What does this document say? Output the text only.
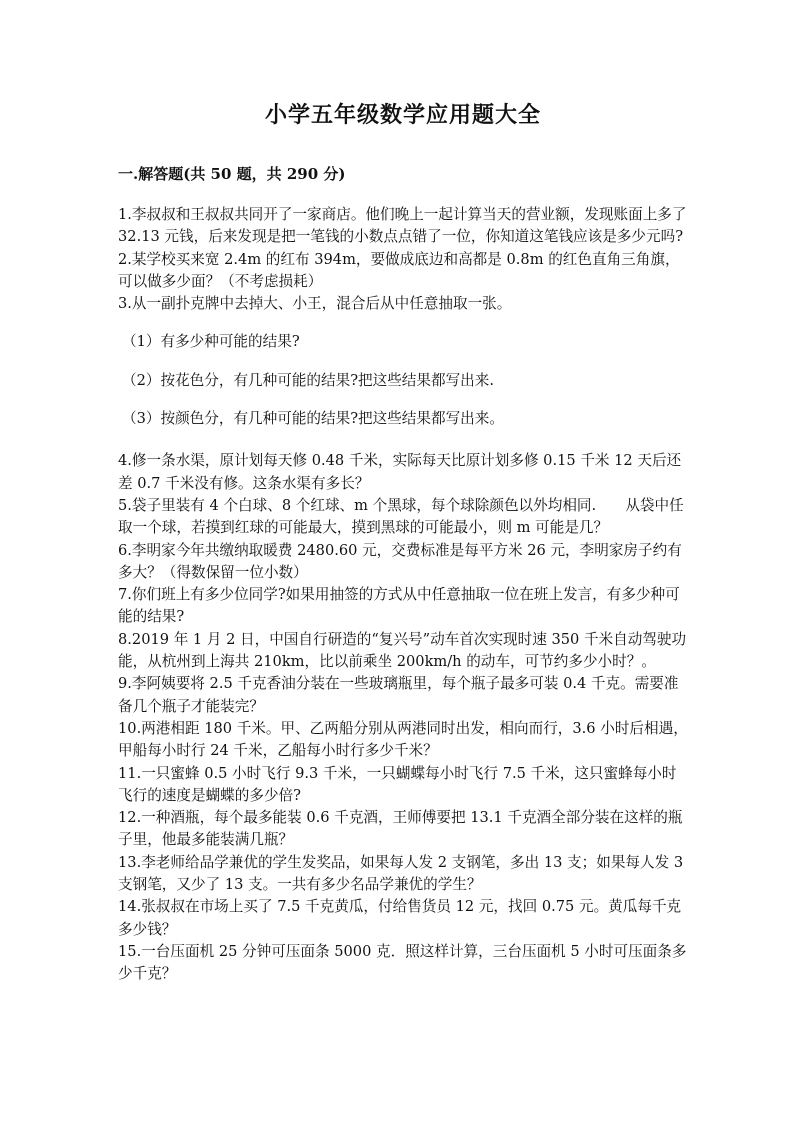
小学五年级数学应用题大全
一.解答题(共 50 题，共 290 分)

1.李叔叔和王叔叔共同开了一家商店。他们晚上一起计算当天的营业额，发现账面上多了 32.13 元钱，后来发现是把一笔钱的小数点点错了一位，你知道这笔钱应该是多少元吗?

2.某学校买来宽 2.4m 的红布 394m，要做成底边和高都是 0.8m 的红色直角三角旗，可以做多少面？（不考虑损耗）

3.从一副扑克牌中去掉大、小王，混合后从中任意抽取一张。

（1）有多少种可能的结果?

（2）按花色分，有几种可能的结果?把这些结果都写出来.

（3）按颜色分，有几种可能的结果?把这些结果都写出来。

4.修一条水渠，原计划每天修 0.48 千米，实际每天比原计划多修 0.15 千米 12 天后还差 0.7 千米没有修。这条水渠有多长？

5.袋子里装有 4 个白球、8 个红球、m 个黑球，每个球除颜色以外均相同.　　从袋中任取一个球，若摸到红球的可能最大，摸到黑球的可能最小，则 m 可能是几？

6.李明家今年共缴纳取暖费 2480.60 元，交费标准是每平方米 26 元，李明家房子约有多大？（得数保留一位小数）

7.你们班上有多少位同学?如果用抽签的方式从中任意抽取一位在班上发言，有多少种可能的结果?

8.2019 年 1 月 2 日，中国自行研造的“复兴号”动车首次实现时速 350 千米自动驾驶功能，从杭州到上海共 210km，比以前乘坐 200km/h 的动车，可节约多少小时？。

9.李阿姨要将 2.5 千克香油分装在一些玻璃瓶里，每个瓶子最多可装 0.4 千克。需要准备几个瓶子才能装完？

10.两港相距 180 千米。甲、乙两船分别从两港同时出发，相向而行，3.6 小时后相遇，甲船每小时行 24 千米，乙船每小时行多少千米？

11.一只蜜蜂 0.5 小时飞行 9.3 千米，一只蝴蝶每小时飞行 7.5 千米，这只蜜蜂每小时飞行的速度是蝴蝶的多少倍?

12.一种酒瓶，每个最多能装 0.6 千克酒，王师傅要把 13.1 千克酒全部分装在这样的瓶子里，他最多能装满几瓶？

13.李老师给品学兼优的学生发奖品，如果每人发 2 支钢笔，多出 13 支；如果每人发 3 支钢笔，又少了 13 支。一共有多少名品学兼优的学生？

14.张叔叔在市场上买了 7.5 千克黄瓜，付给售货员 12 元，找回 0.75 元。黄瓜每千克多少钱？

15.一台压面机 25 分钟可压面条 5000 克．照这样计算，三台压面机 5 小时可压面条多少千克？
